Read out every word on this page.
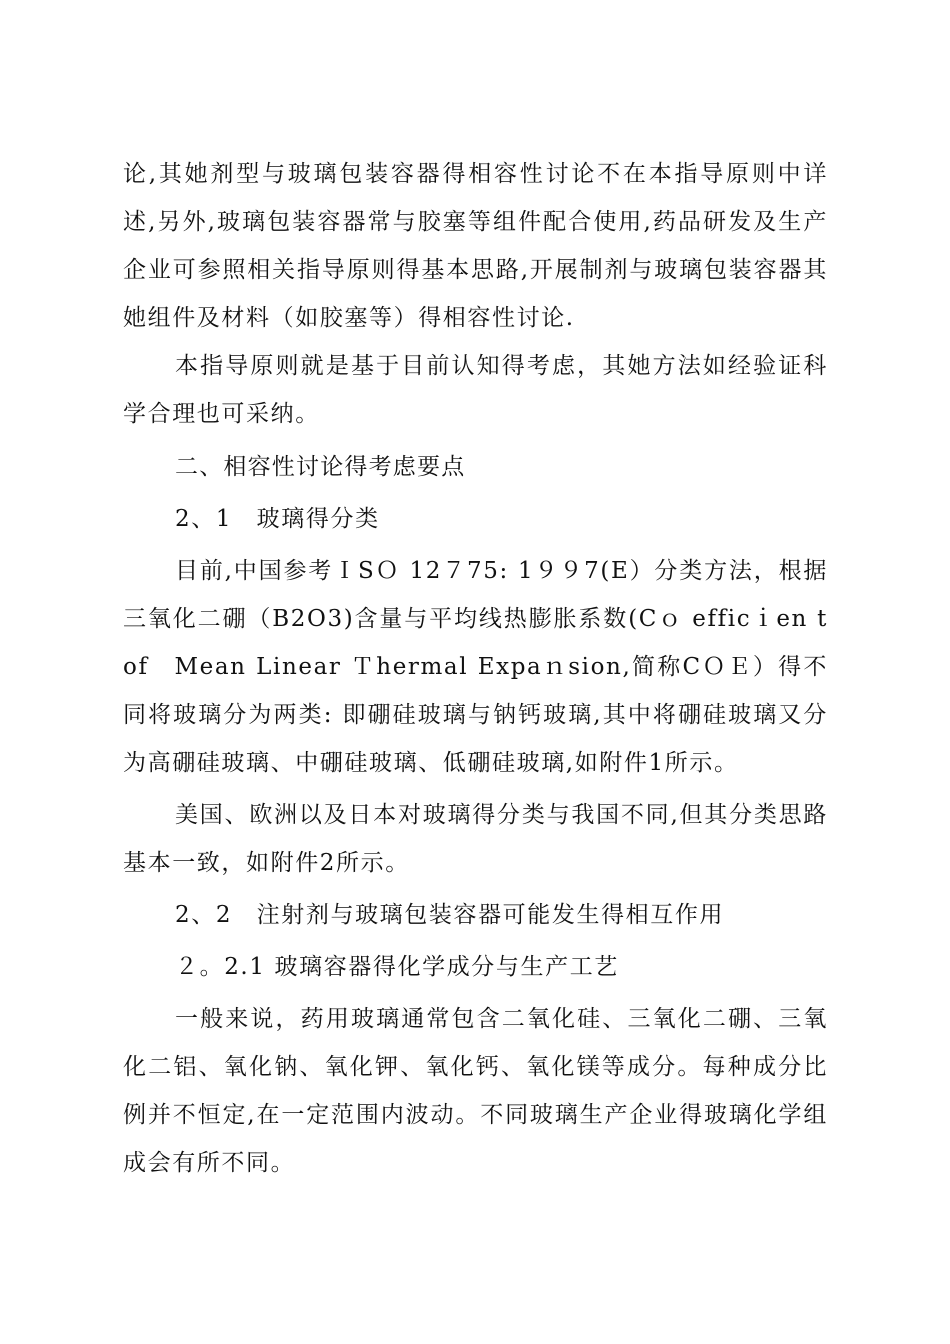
论,其她剂型与玻璃包装容器得相容性讨论不在本指导原则中详述,另外,玻璃包装容器常与胶塞等组件配合使用,药品研发及生产企业可参照相关指导原则得基本思路,开展制剂与玻璃包装容器其她组件及材料（如胶塞等）得相容性讨论.

本指导原则就是基于目前认知得考虑，其她方法如经验证科学合理也可采纳。

二、相容性讨论得考虑要点

2、1　玻璃得分类

目前,中国参考ＩSＯ 12７75: 1９９7(E）分类方法，根据三氧化二硼（B2O3)含量与平均线热膨胀系数(Cｏ efficｉen t　of　Mean Linear Ｔhermal Expaｎsion,简称CＯＥ）得不同将玻璃分为两类: 即硼硅玻璃与钠钙玻璃,其中将硼硅玻璃又分为高硼硅玻璃、中硼硅玻璃、低硼硅玻璃,如附件1所示。

美国、欧洲以及日本对玻璃得分类与我国不同,但其分类思路基本一致，如附件2所示。

2、2　注射剂与玻璃包装容器可能发生得相互作用

２。2.1 玻璃容器得化学成分与生产工艺

一般来说，药用玻璃通常包含二氧化硅、三氧化二硼、三氧化二铝、氧化钠、氧化钾、氧化钙、氧化镁等成分。每种成分比例并不恒定,在一定范围内波动。不同玻璃生产企业得玻璃化学组成会有所不同。
